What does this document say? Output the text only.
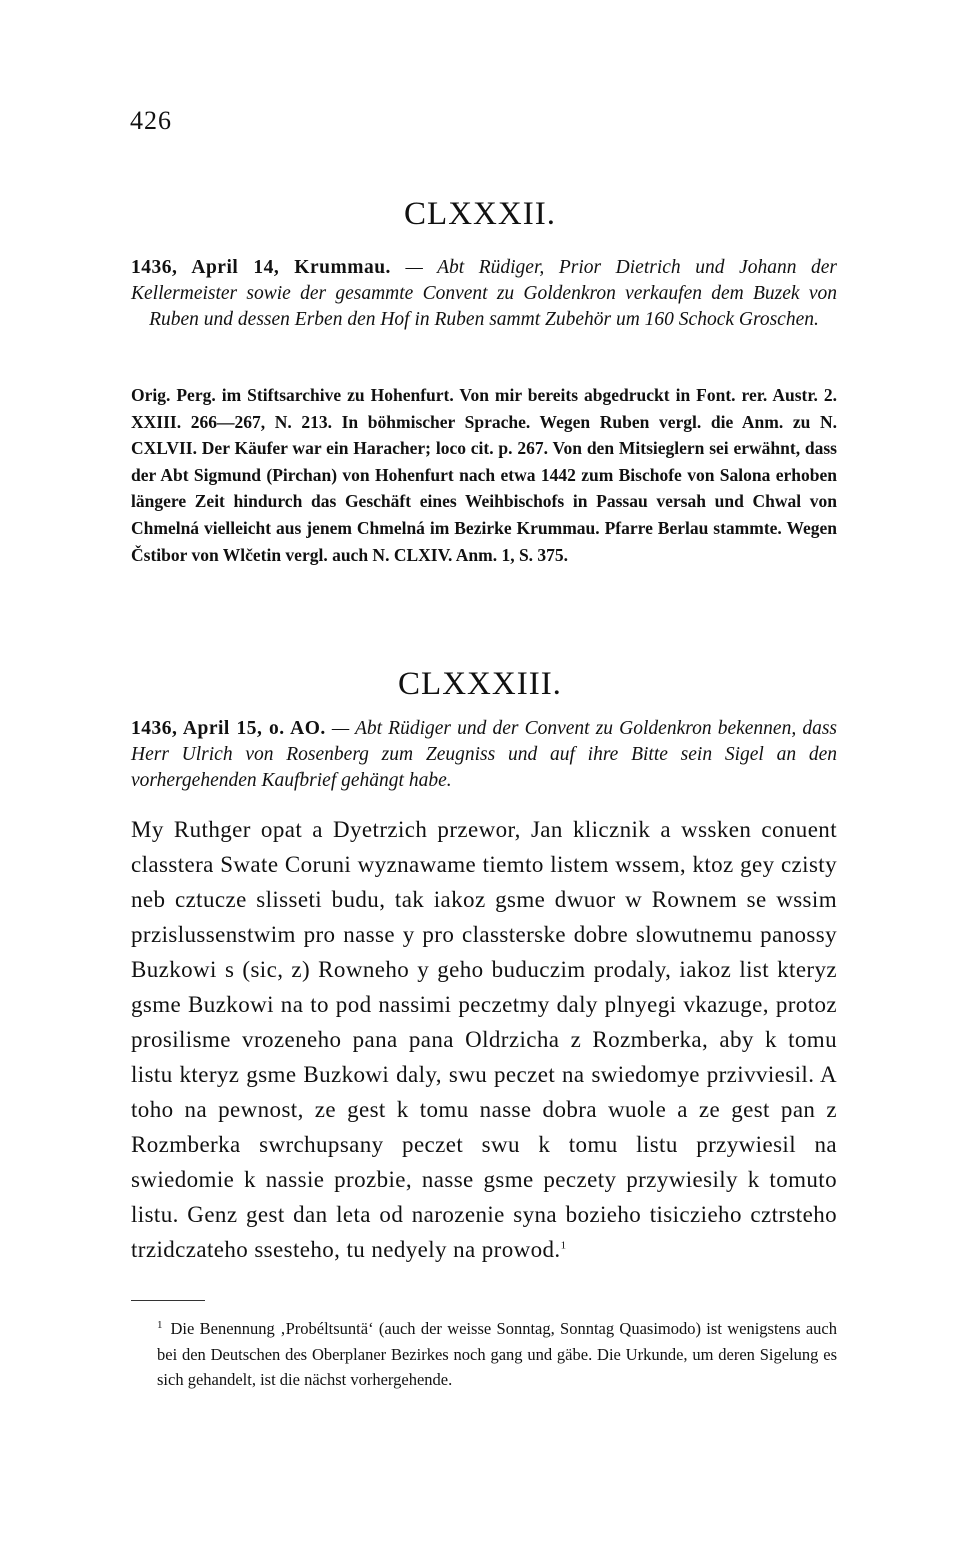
426
CLXXXII.
1436, April 14, Krummau. — Abt Rüdiger, Prior Dietrich und Johann der Kellermeister sowie der gesammte Convent zu Goldenkron verkaufen dem Buzek von Ruben und dessen Erben den Hof in Ruben sammt Zubehör um 160 Schock Groschen.
Orig. Perg. im Stiftsarchive zu Hohenfurt. Von mir bereits abgedruckt in Font. rer. Austr. 2. XXIII. 266—267, N. 213. In böhmischer Sprache. Wegen Ruben vergl. die Anm. zu N. CXLVII. Der Käufer war ein Haracher; loco cit. p. 267. Von den Mitsieglern sei erwähnt, dass der Abt Sigmund (Pirchan) von Hohenfurt nach etwa 1442 zum Bischofe von Salona erhoben längere Zeit hindurch das Geschäft eines Weihbischofs in Passau versah und Chwal von Chmelná vielleicht aus jenem Chmelná im Bezirke Krummau. Pfarre Berlau stammte. Wegen Čstibor von Wlčetin vergl. auch N. CLXIV. Anm. 1, S. 375.
CLXXXIII.
1436, April 15, o. AO. — Abt Rüdiger und der Convent zu Goldenkron bekennen, dass Herr Ulrich von Rosenberg zum Zeugniss und auf ihre Bitte sein Sigel an den vorhergehenden Kaufbrief gehängt habe.
My Ruthger opat a Dyetrzich przewor, Jan klicznik a wssken conuent classtera Swate Coruni wyznawame tiemto listem wssem, ktoz gey czisty neb cztucze slisseti budu, tak iakoz gsme dwuor w Rownem se wssim przislussenstwim pro nasse y pro classterske dobre slowutnemu panossy Buzkowi s (sic, z) Rowneho y geho buduczim prodaly, iakoz list kteryz gsme Buzkowi na to pod nassimi peczetmy daly plnyegi vkazuge, protoz prosilisme vrozeneho pana pana Oldrzicha z Rozmberka, aby k tomu listu kteryz gsme Buzkowi daly, swu peczet na swiedomye przivviesil. A toho na pewnost, ze gest k tomu nasse dobra wuole a ze gest pan z Rozmberka swrchupsany peczet swu k tomu listu przywiesil na swiedomie k nassie prozbie, nasse gsme peczety przywiesily k tomuto listu. Genz gest dan leta od narozenie syna bozieho tisiczieho cztrsteho trzidczateho ssesteho, tu nedyely na prowod.$^1$
$^1$ Die Benennung ‚Probéltsuntä‘ (auch der weisse Sonntag, Sonntag Quasimodo) ist wenigstens auch bei den Deutschen des Oberplaner Bezirkes noch gang und gäbe. Die Urkunde, um deren Sigelung es sich gehandelt, ist die nächst vorhergehende.
